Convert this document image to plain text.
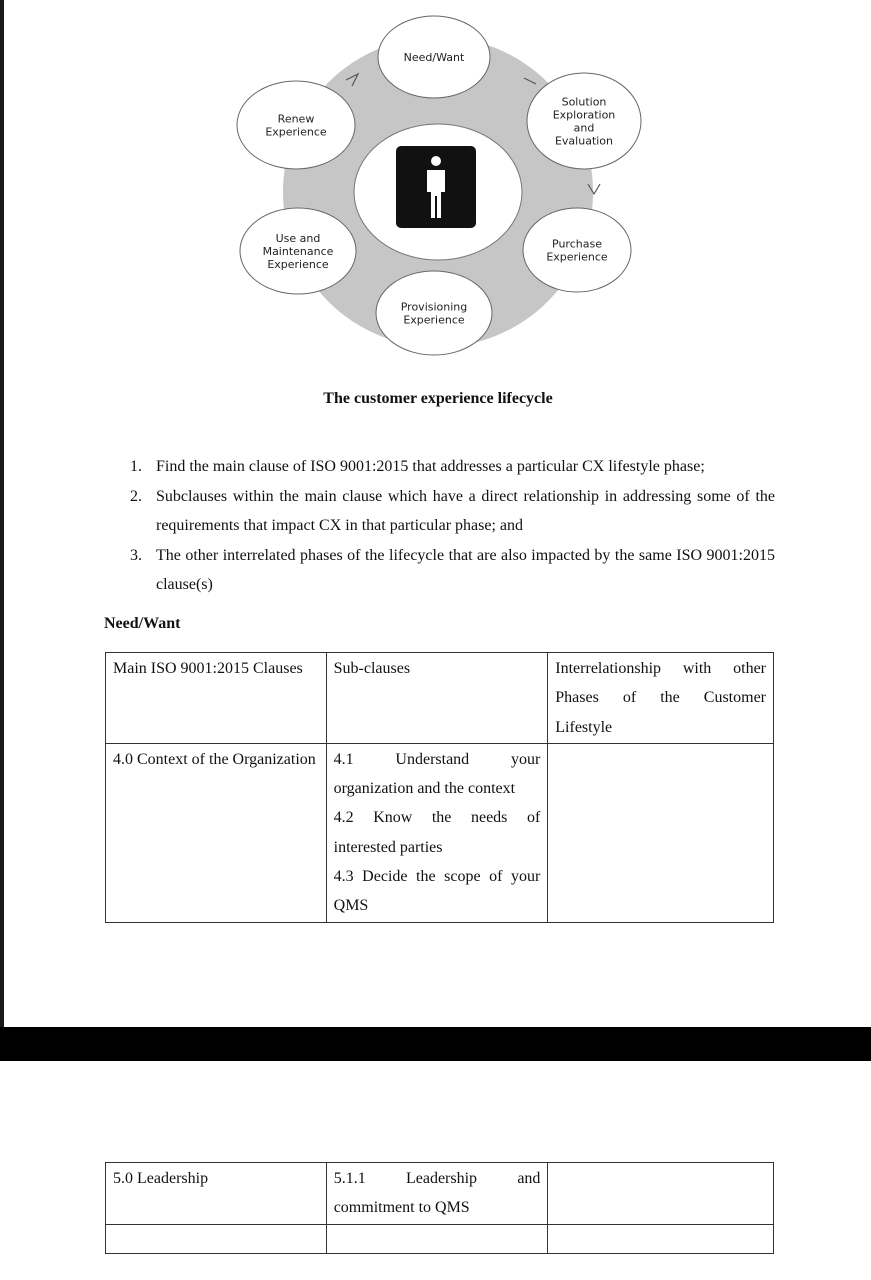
Need/Want
Solution
Exploration
and
Evaluation
Purchase
Experience
Provisioning
Experience
Use and
Maintenance
Experience
Renew
Experience
The customer experience lifecycle
1. Find the main clause of ISO 9001:2015 that addresses a particular CX lifestyle phase;
2. Subclauses within the main clause which have a direct relationship in addressing some of the requirements that impact CX in that particular phase; and
3. The other interrelated phases of the lifecycle that are also impacted by the same ISO 9001:2015 clause(s)
Need/Want
Main ISO 9001:2015 Clauses	Sub-clauses	Interrelationship with other Phases of the Customer Lifestyle
4.0 Context of the Organization	4.1 Understand your organization and the context
4.2 Know the needs of interested parties
4.3 Decide the scope of your QMS	

5.0 Leadership	5.1.1 Leadership and commitment to QMS	
